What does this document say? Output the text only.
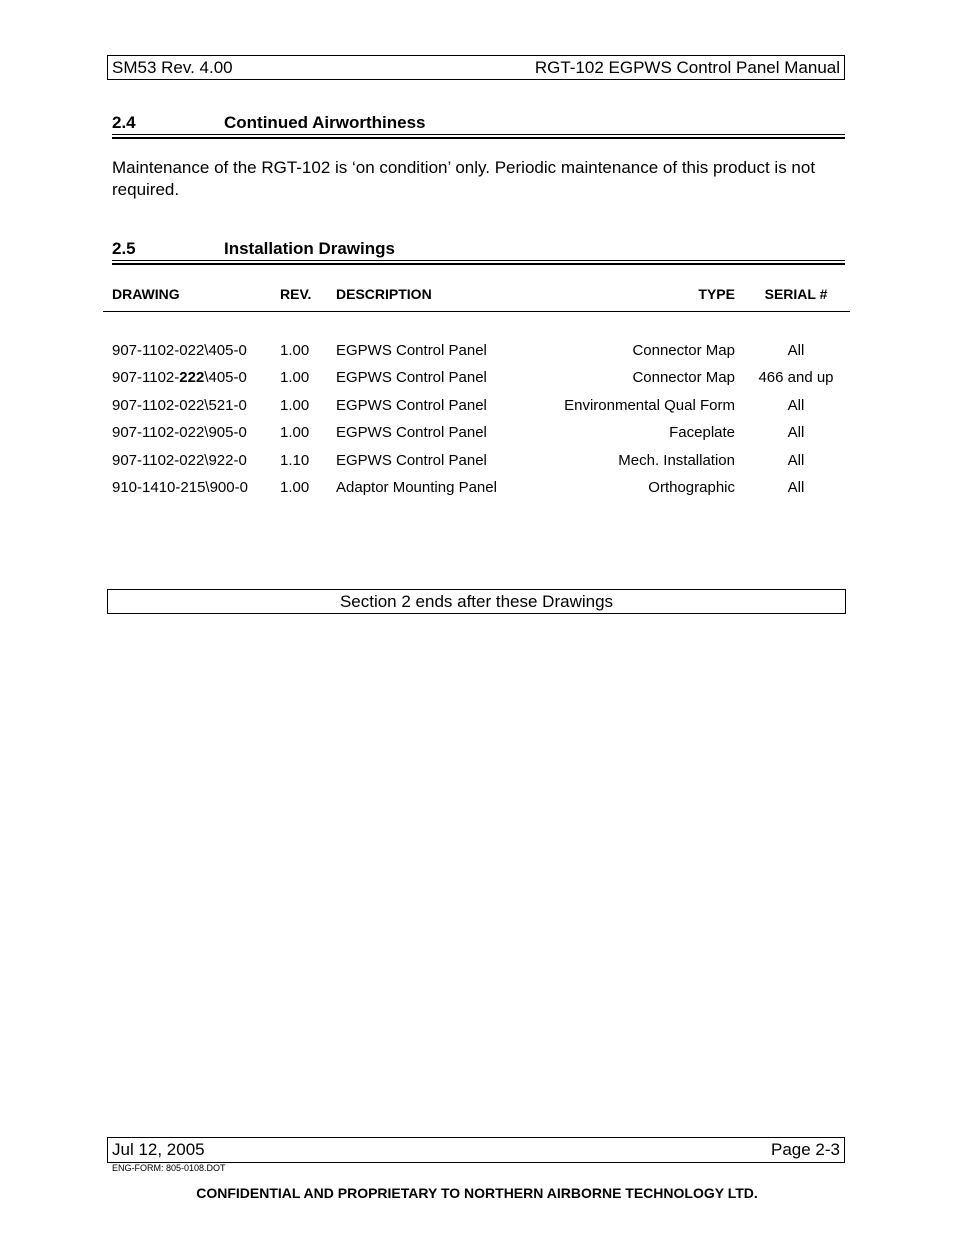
SM53 Rev. 4.00	RGT-102 EGPWS Control Panel Manual
2.4	Continued Airworthiness
Maintenance of the RGT-102 is ‘on condition’ only. Periodic maintenance of this product is not required.
2.5	Installation Drawings
DRAWING	REV. DESCRIPTION	TYPE	SERIAL #
907-1102-022\405-0 1.00 EGPWS Control Panel	Connector Map	All
907-1102-222\405-0 1.00 EGPWS Control Panel	Connector Map	466 and up
907-1102-022\521-0 1.00 EGPWS Control Panel	Environmental Qual Form	All
907-1102-022\905-0 1.00 EGPWS Control Panel	Faceplate	All
907-1102-022\922-0 1.10 EGPWS Control Panel	Mech. Installation	All
910-1410-215\900-0 1.00 Adaptor Mounting Panel	Orthographic	All
Section 2 ends after these Drawings
Jul 12, 2005	Page 2-3
ENG-FORM: 805-0108.DOT
CONFIDENTIAL AND PROPRIETARY TO NORTHERN AIRBORNE TECHNOLOGY LTD.
